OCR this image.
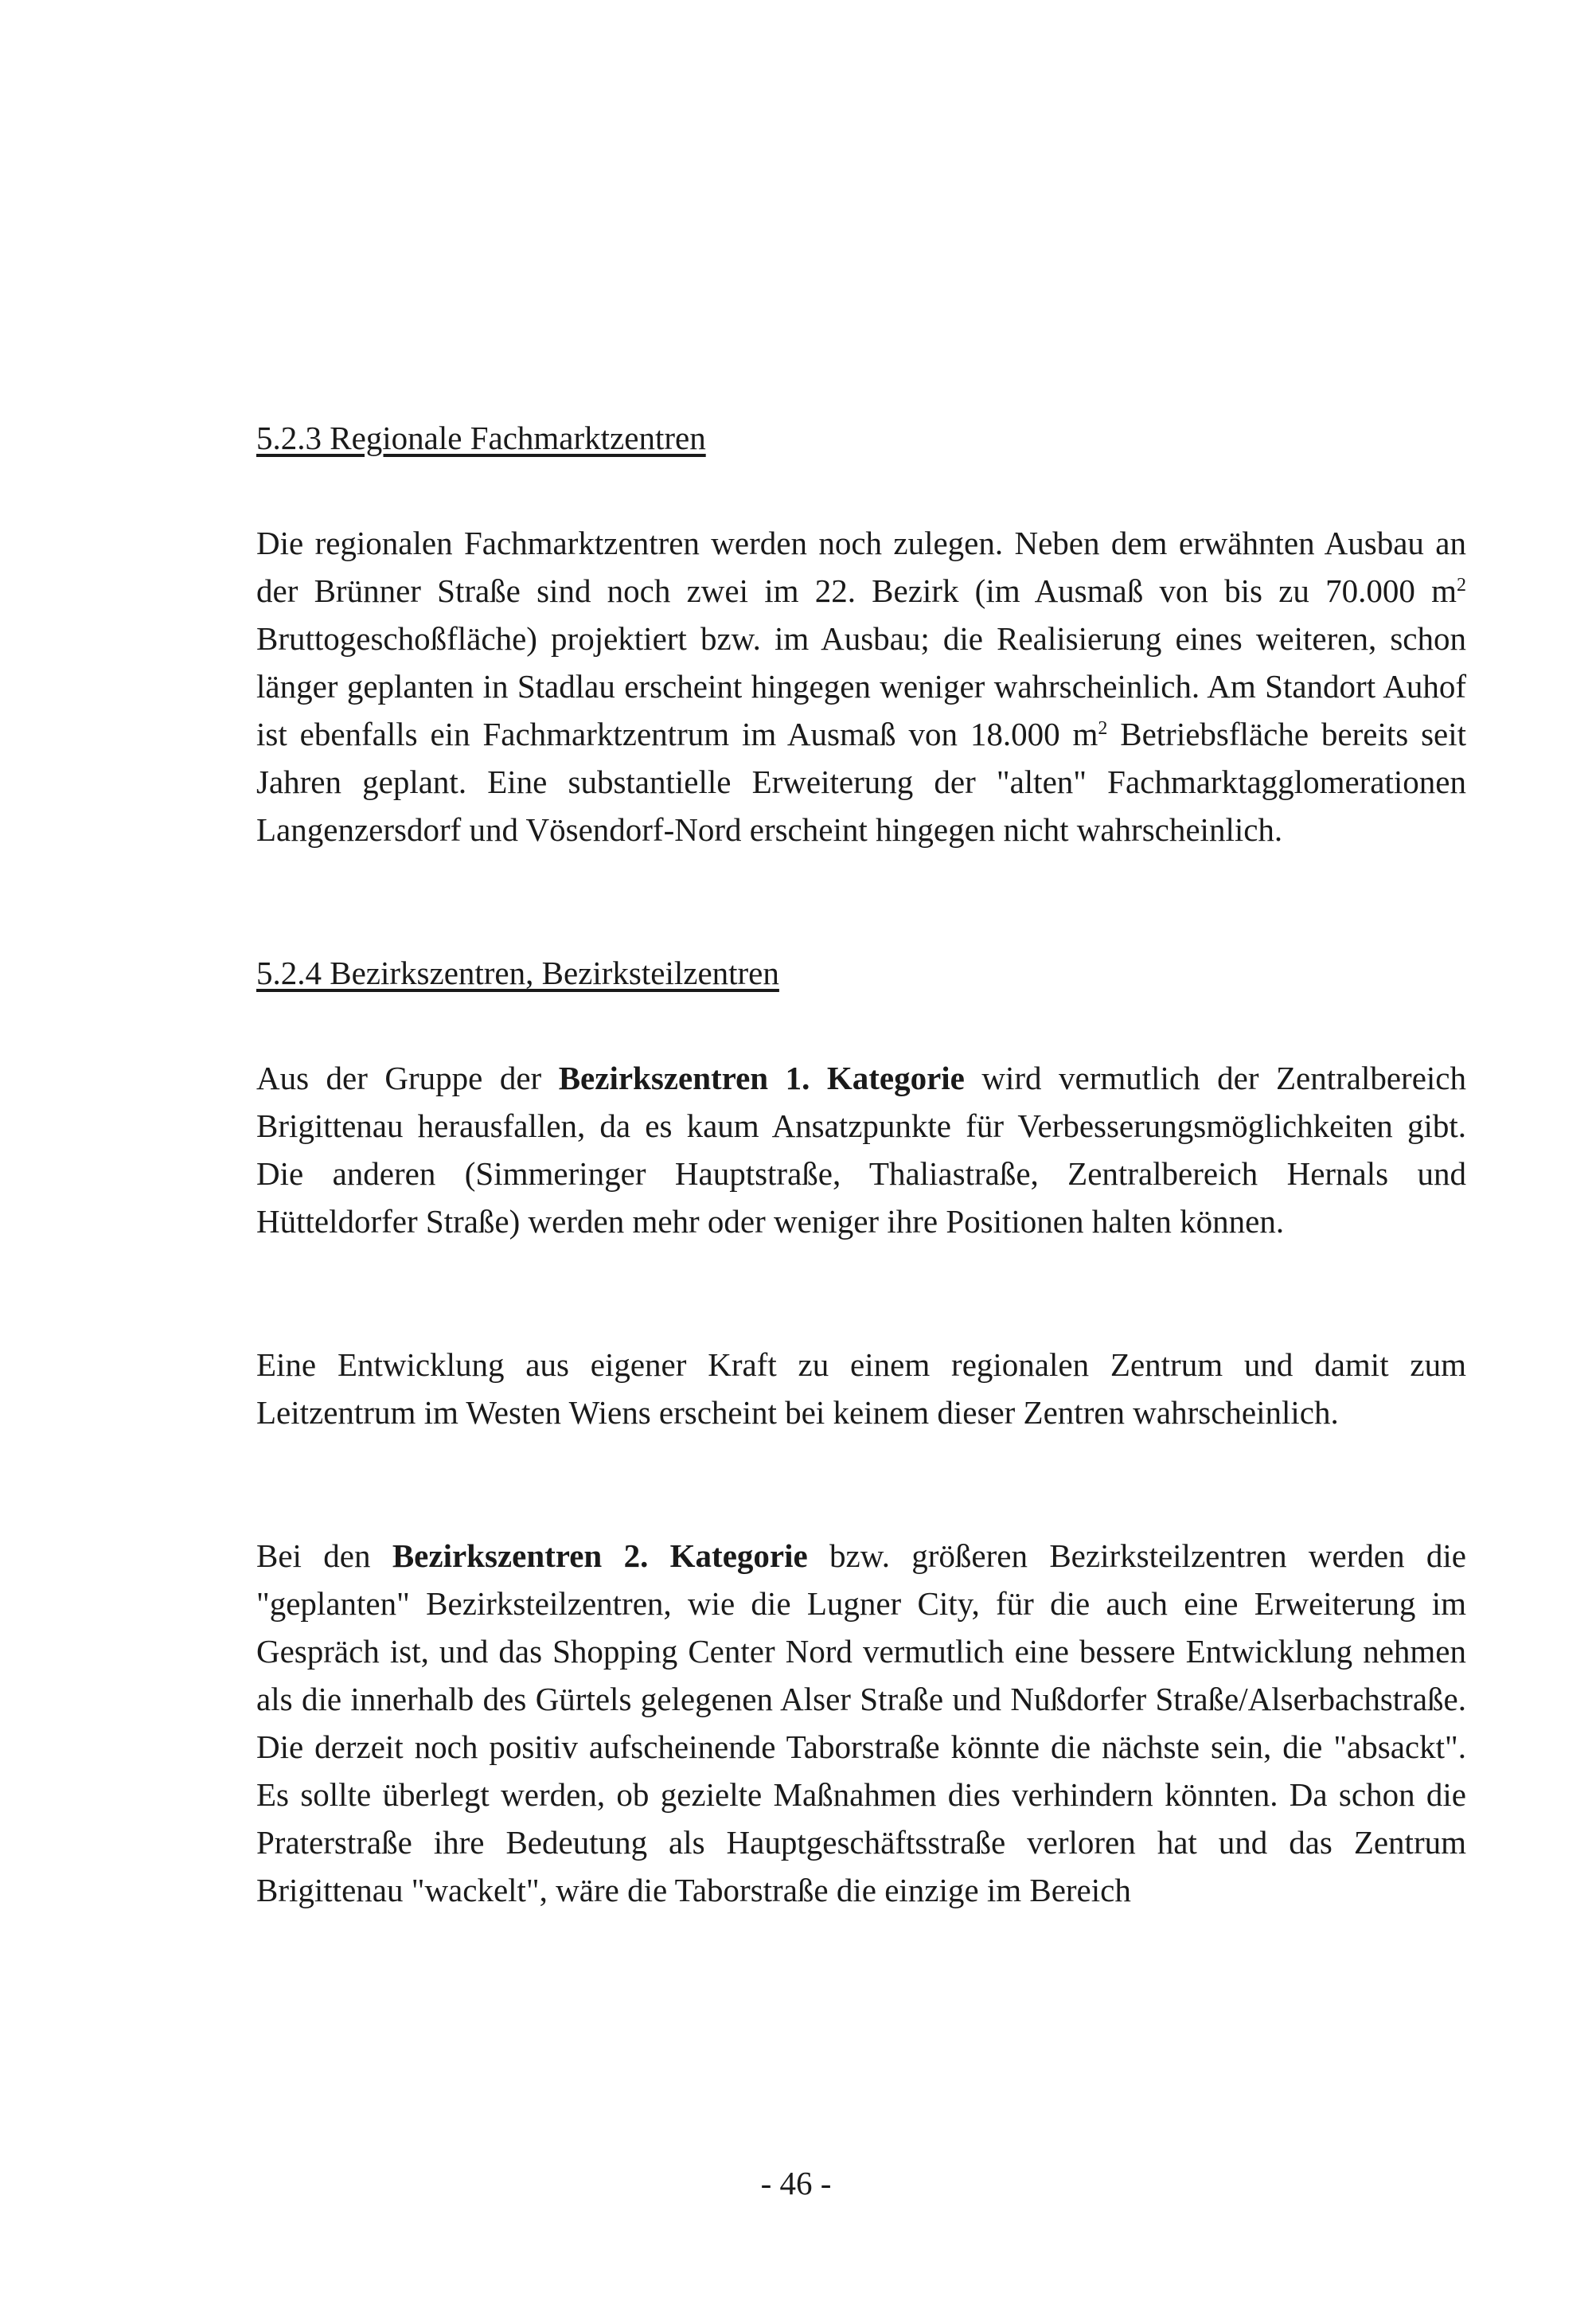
5.2.3 Regionale Fachmarktzentren

Die regionalen Fachmarktzentren werden noch zulegen. Neben dem erwähnten Ausbau an der Brünner Straße sind noch zwei im 22. Bezirk (im Ausmaß von bis zu 70.000 $m^2$ Bruttogeschoßfläche) projektiert bzw. im Ausbau; die Realisierung eines weiteren, schon länger geplanten in Stadlau erscheint hingegen weniger wahrscheinlich. Am Standort Auhof ist ebenfalls ein Fachmarktzentrum im Ausmaß von 18.000 $m^2$ Betriebsfläche bereits seit Jahren geplant. Eine substantielle Erweiterung der "alten" Fachmarktagglomerationen Langenzersdorf und Vösendorf-Nord erscheint hingegen nicht wahrscheinlich.

5.2.4 Bezirkszentren, Bezirksteilzentren

Aus der Gruppe der Bezirkszentren 1. Kategorie wird vermutlich der Zentralbereich Brigittenau herausfallen, da es kaum Ansatzpunkte für Verbesserungsmöglichkeiten gibt. Die anderen (Simmeringer Hauptstraße, Thaliastraße, Zentralbereich Hernals und Hütteldorfer Straße) werden mehr oder weniger ihre Positionen halten können.

Eine Entwicklung aus eigener Kraft zu einem regionalen Zentrum und damit zum Leitzentrum im Westen Wiens erscheint bei keinem dieser Zentren wahrscheinlich.

Bei den Bezirkszentren 2. Kategorie bzw. größeren Bezirksteilzentren werden die "geplanten" Bezirksteilzentren, wie die Lugner City, für die auch eine Erweiterung im Gespräch ist, und das Shopping Center Nord vermutlich eine bessere Entwicklung nehmen als die innerhalb des Gürtels gelegenen Alser Straße und Nußdorfer Straße/Alserbachstraße. Die derzeit noch positiv aufscheinende Taborstraße könnte die nächste sein, die "absackt". Es sollte überlegt werden, ob gezielte Maßnahmen dies verhindern könnten. Da schon die Praterstraße ihre Bedeutung als Hauptgeschäftsstraße verloren hat und das Zentrum Brigittenau "wackelt", wäre die Taborstraße die einzige im Bereich

- 46 -
